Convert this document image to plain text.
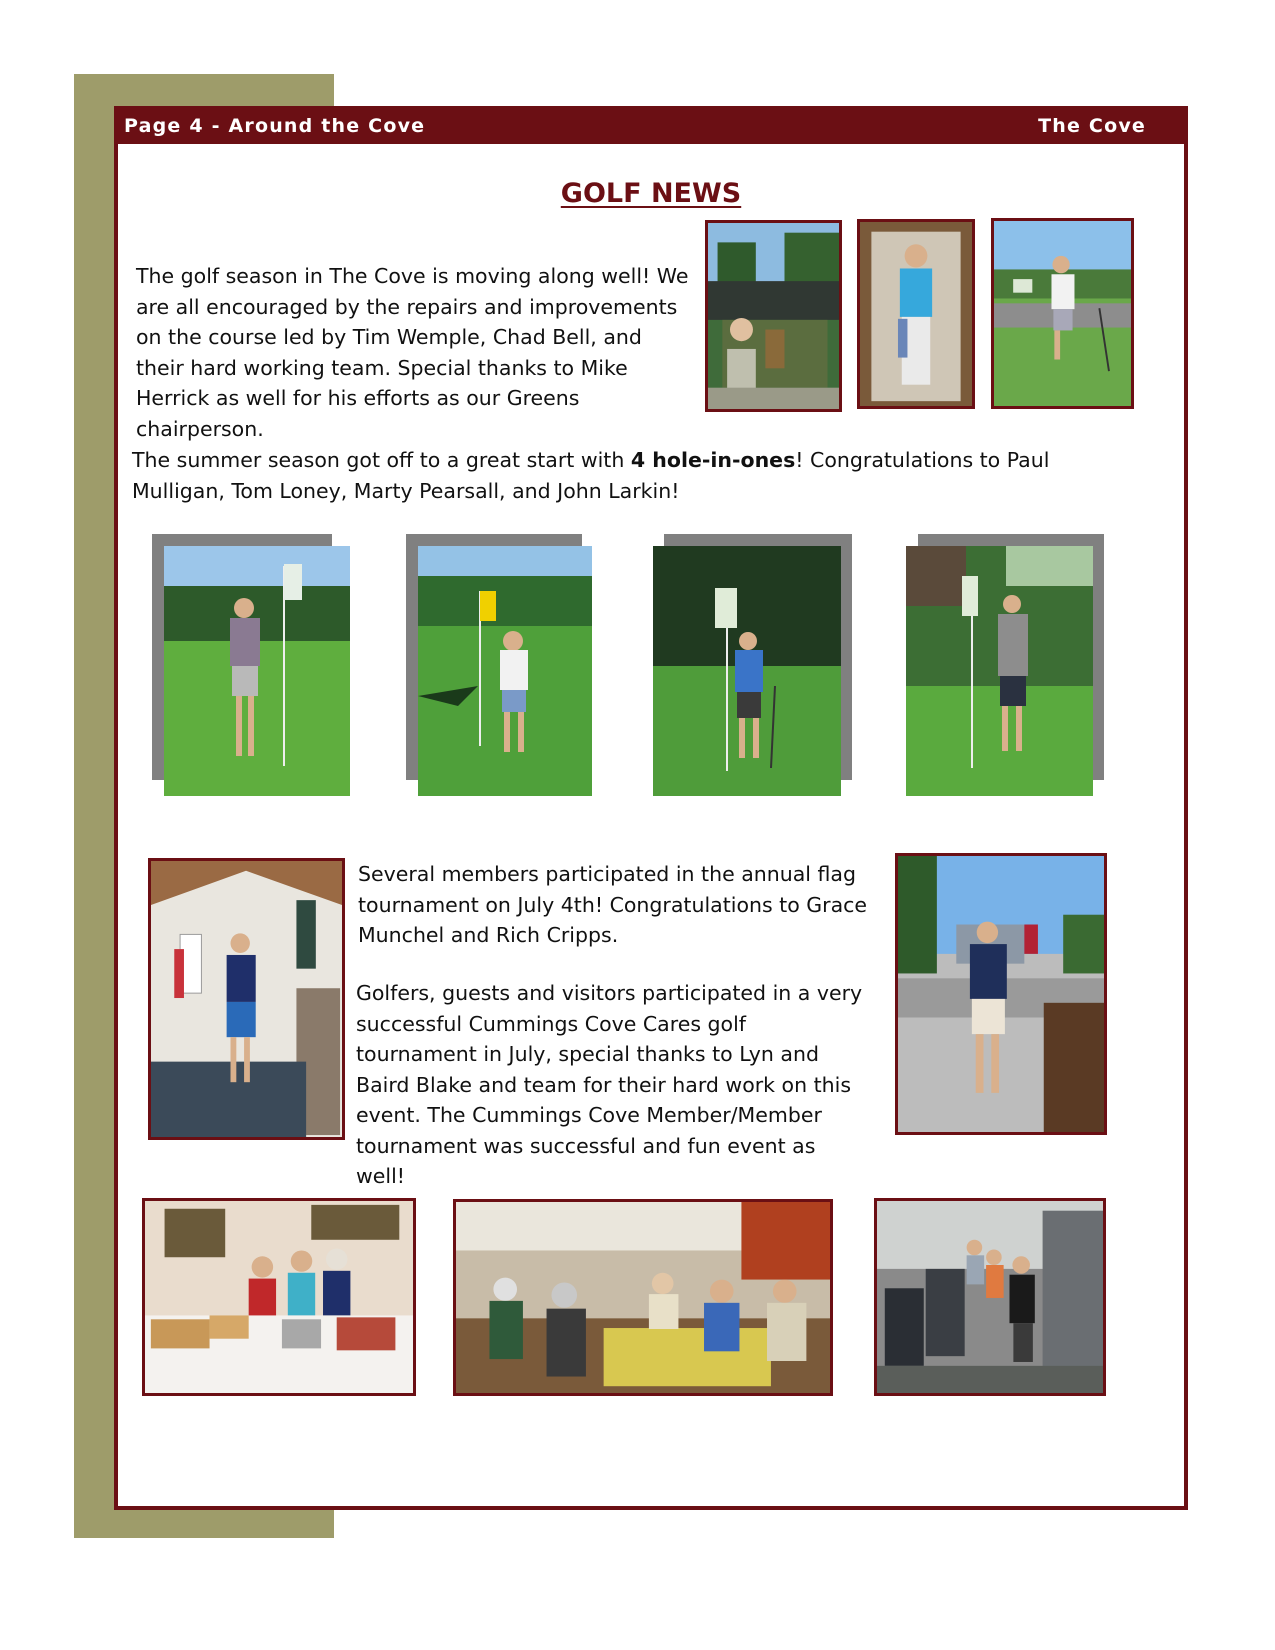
Page 4 - Around the Cove	The Cove
GOLF NEWS

The golf season in The Cove is moving along well! We are all encouraged by the repairs and improvements on the course led by Tim Wemple, Chad Bell, and their hard working team. Special thanks to Mike Herrick as well for his efforts as our Greens chairperson.

The summer season got off to a great start with 4 hole-in-ones! Congratulations to Paul Mulligan, Tom Loney, Marty Pearsall, and John Larkin!

Several members participated in the annual flag tournament on July 4th! Congratulations to Grace Munchel and Rich Cripps.

Golfers, guests and visitors participated in a very successful Cummings Cove Cares golf tournament in July, special thanks to Lyn and Baird Blake and team for their hard work on this event. The Cummings Cove Member/Member tournament was successful and fun event as well!
